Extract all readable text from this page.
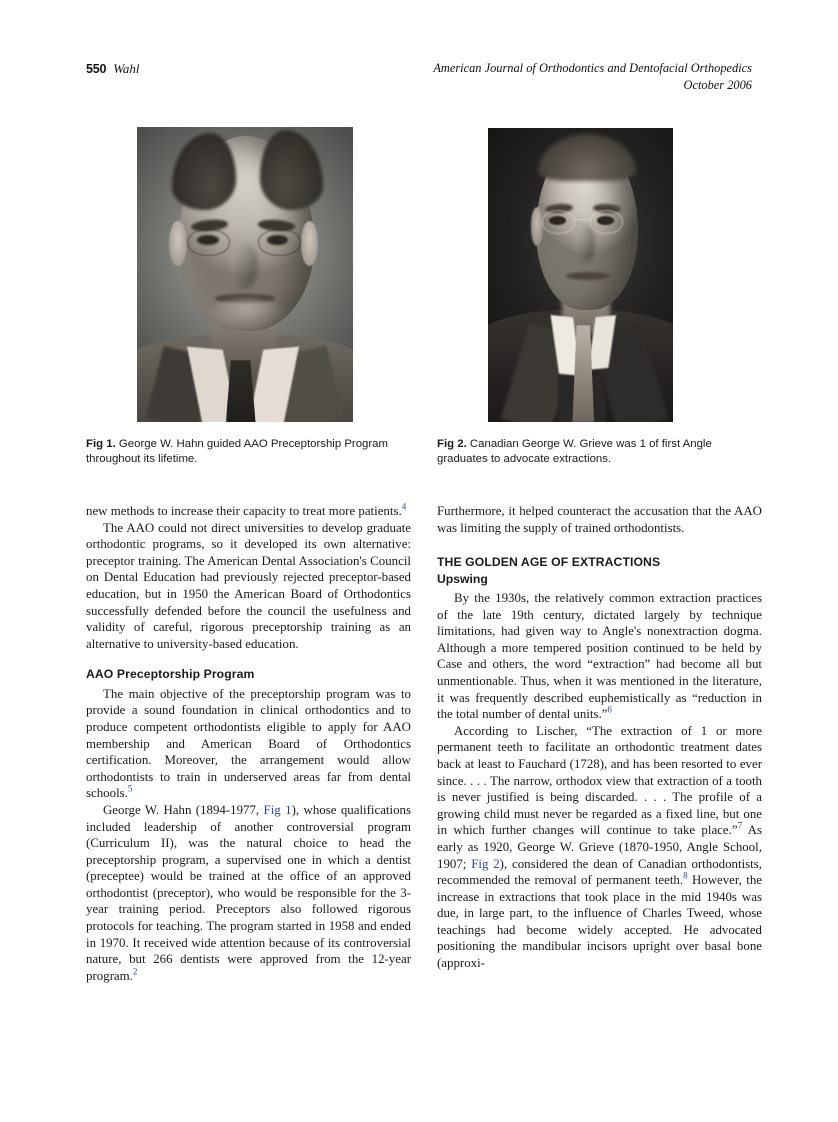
550 Wahl	American Journal of Orthodontics and Dentofacial Orthopedics
October 2006
Fig 1. George W. Hahn guided AAO Preceptorship Program throughout its lifetime.
Fig 2. Canadian George W. Grieve was 1 of first Angle graduates to advocate extractions.

new methods to increase their capacity to treat more patients.$^4$

The AAO could not direct universities to develop graduate orthodontic programs, so it developed its own alternative: preceptor training. The American Dental Association's Council on Dental Education had previously rejected preceptor-based education, but in 1950 the American Board of Orthodontics successfully defended before the council the usefulness and validity of careful, rigorous preceptorship training as an alternative to university-based education.

AAO Preceptorship Program

The main objective of the preceptorship program was to provide a sound foundation in clinical orthodontics and to produce competent orthodontists eligible to apply for AAO membership and American Board of Orthodontics certification. Moreover, the arrangement would allow orthodontists to train in underserved areas far from dental schools.$^5$

George W. Hahn (1894-1977, Fig 1), whose qualifications included leadership of another controversial program (Curriculum II), was the natural choice to head the preceptorship program, a supervised one in which a dentist (preceptee) would be trained at the office of an approved orthodontist (preceptor), who would be responsible for the 3-year training period. Preceptors also followed rigorous protocols for teaching. The program started in 1958 and ended in 1970. It received wide attention because of its controversial nature, but 266 dentists were approved from the 12-year program.$^2$

Furthermore, it helped counteract the accusation that the AAO was limiting the supply of trained orthodontists.

THE GOLDEN AGE OF EXTRACTIONS
Upswing

By the 1930s, the relatively common extraction practices of the late 19th century, dictated largely by technique limitations, had given way to Angle's nonextraction dogma. Although a more tempered position continued to be held by Case and others, the word “extraction” had become all but unmentionable. Thus, when it was mentioned in the literature, it was frequently described euphemistically as “reduction in the total number of dental units.”$^6$

According to Lischer, “The extraction of 1 or more permanent teeth to facilitate an orthodontic treatment dates back at least to Fauchard (1728), and has been resorted to ever since. . . . The narrow, orthodox view that extraction of a tooth is never justified is being discarded. . . . The profile of a growing child must never be regarded as a fixed line, but one in which further changes will continue to take place.”$^7$ As early as 1920, George W. Grieve (1870-1950, Angle School, 1907; Fig 2), considered the dean of Canadian orthodontists, recommended the removal of permanent teeth.$^8$ However, the increase in extractions that took place in the mid 1940s was due, in large part, to the influence of Charles Tweed, whose teachings had become widely accepted. He advocated positioning the mandibular incisors upright over basal bone (approxi-
